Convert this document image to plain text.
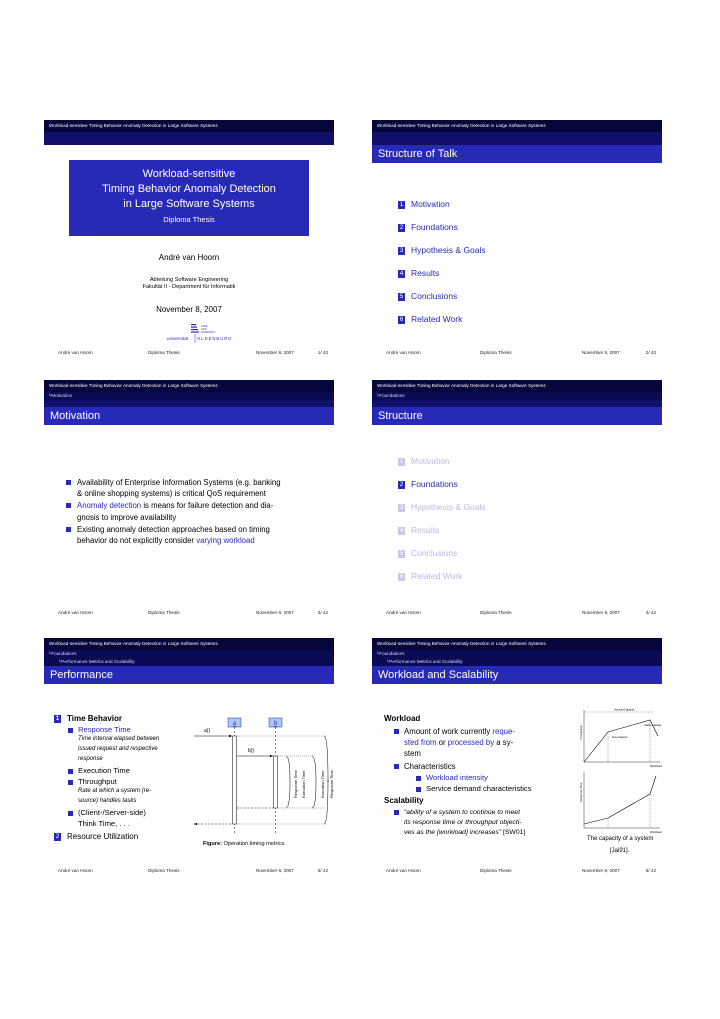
Workload-sensitive Timing Behavior Anomaly Detection in Large Software Systems
Workload-sensitive
Timing Behavior Anomaly Detection
in Large Software Systems
Diploma Thesis
André van Hoorn
Abteilung Software Engineering
Fakultät II - Department für Informatik
November 8, 2007
CARL
VON
OSSIETZKY
universität OLDENBURG
André van Hoorn	Diploma Thesis	November 8, 2007	1/ 42
Workload-sensitive Timing Behavior Anomaly Detection in Large Software Systems
Structure of Talk
1 Motivation
2 Foundations
3 Hypothesis & Goals
4 Results
5 Conclusions
6 Related Work
André van Hoorn	Diploma Thesis	November 8, 2007	2/ 42
Workload-sensitive Timing Behavior Anomaly Detection in Large Software Systems
└Motivation
Motivation
Availability of Enterprise Information Systems (e.g. banking
& online shopping systems) is critical QoS requirement
Anomaly detection is means for failure detection and dia-
gnosis to improve availability
Existing anomaly detection approaches based on timing
behavior do not explicitly consider varying workload
André van Hoorn	Diploma Thesis	November 8, 2007	3/ 42
Workload-sensitive Timing Behavior Anomaly Detection in Large Software Systems
└Foundations
Structure
1 Motivation
2 Foundations
3 Hypothesis & Goals
4 Results
5 Conclusions
6 Related Work
André van Hoorn	Diploma Thesis	November 8, 2007	4/ 42
Workload-sensitive Timing Behavior Anomaly Detection in Large Software Systems
└Foundations
└Performance Metrics and Scalability
Performance
1 Time Behavior
Response Time
Time interval elapsed between
issued request and respective
response
Execution Time
Throughput
Rate at which a system (re-
source) handles tasks
(Client-/Server-side)
Think Time, . . .
2 Resource Utilization
a	b
a()
b()
Response Time Execution Time	Execution Time = Response Time
Figure: Operation timing metrics.
André van Hoorn	Diploma Thesis	November 8, 2007	5/ 42
Workload-sensitive Timing Behavior Anomaly Detection in Large Software Systems
└Foundations
└Performance Metrics and Scalability
Workload and Scalability
Workload
Amount of work currently reque-
sted from or processed by a sy-
stem
Characteristics
Workload intensity
Service demand characteristics
Scalability
“ability of a system to continue to meet
its response time or throughput objecti-
ves as the [workload] increases” [SW01]
Throughput
Nominal Capacity
Knee Capacity
Usable Capacity
Workload
Response Time
Workload
The capacity of a system
[Jai91].
André van Hoorn	Diploma Thesis	November 8, 2007	6/ 42
